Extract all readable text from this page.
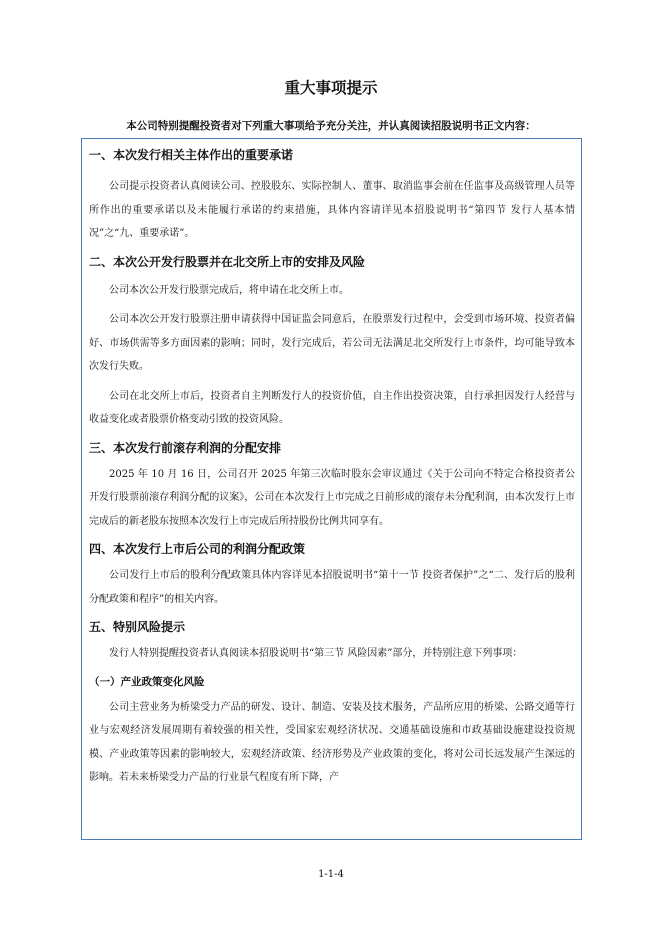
重大事项提示
本公司特别提醒投资者对下列重大事项给予充分关注，并认真阅读招股说明书正文内容：

一、本次发行相关主体作出的重要承诺

公司提示投资者认真阅读公司、控股股东、实际控制人、董事、取消监事会前在任监事及高级管理人员等所作出的重要承诺以及未能履行承诺的约束措施，具体内容请详见本招股说明书“第四节 发行人基本情况”之“九、重要承诺”。

二、本次公开发行股票并在北交所上市的安排及风险

公司本次公开发行股票完成后，将申请在北交所上市。

公司本次公开发行股票注册申请获得中国证监会同意后，在股票发行过程中，会受到市场环境、投资者偏好、市场供需等多方面因素的影响；同时，发行完成后，若公司无法满足北交所发行上市条件，均可能导致本次发行失败。

公司在北交所上市后，投资者自主判断发行人的投资价值，自主作出投资决策，自行承担因发行人经营与收益变化或者股票价格变动引致的投资风险。

三、本次发行前滚存利润的分配安排

2025 年 10 月 16 日，公司召开 2025 年第三次临时股东会审议通过《关于公司向不特定合格投资者公开发行股票前滚存利润分配的议案》，公司在本次发行上市完成之日前形成的滚存未分配利润，由本次发行上市完成后的新老股东按照本次发行上市完成后所持股份比例共同享有。

四、本次发行上市后公司的利润分配政策

公司发行上市后的股利分配政策具体内容详见本招股说明书“第十一节 投资者保护”之“二、发行后的股利分配政策和程序”的相关内容。

五、特别风险提示

发行人特别提醒投资者认真阅读本招股说明书“第三节 风险因素”部分，并特别注意下列事项：

（一）产业政策变化风险

公司主营业务为桥梁受力产品的研发、设计、制造、安装及技术服务，产品所应用的桥梁、公路交通等行业与宏观经济发展周期有着较强的相关性，受国家宏观经济状况、交通基础设施和市政基础设施建设投资规模、产业政策等因素的影响较大，宏观经济政策、经济形势及产业政策的变化，将对公司长远发展产生深远的影响。若未来桥梁受力产品的行业景气程度有所下降，产

1-1-4
